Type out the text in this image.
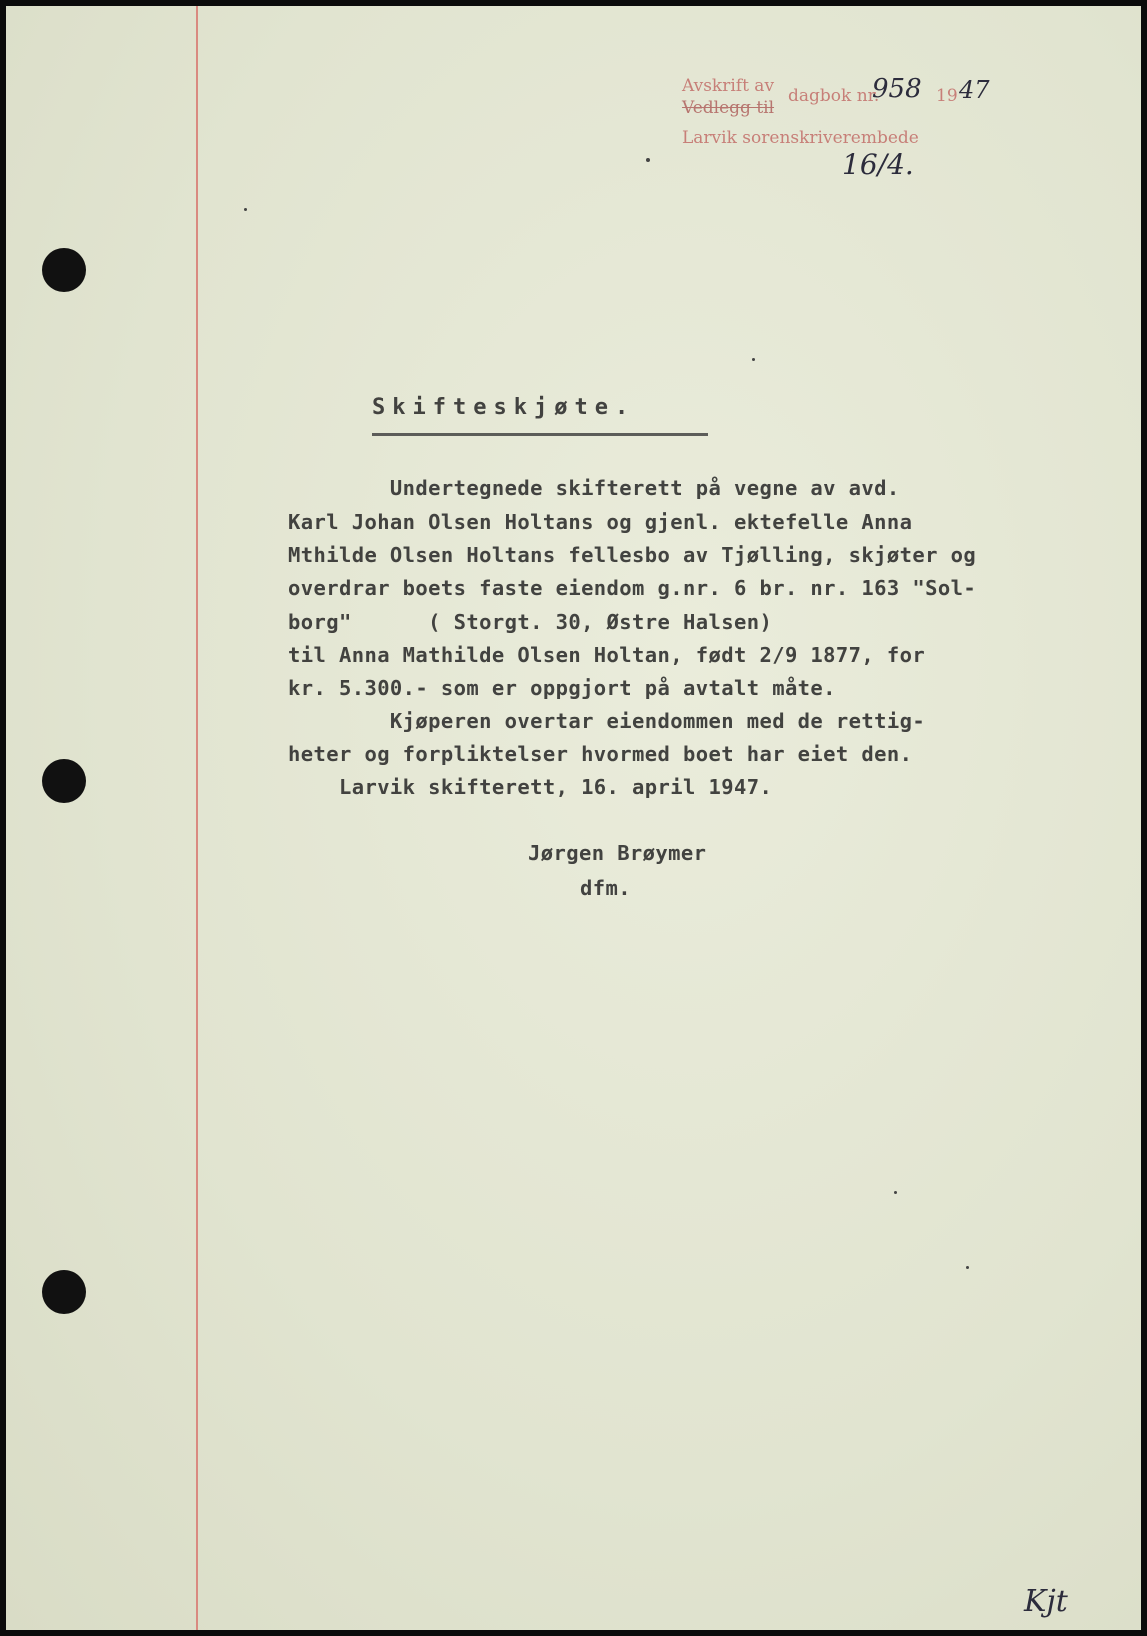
Avskrift av
Vedlegg til
dagbok nr.
958 19 47
Larvik sorenskriverembede
16/4.
Skifteskjøte.
Undertegnede skifterett på vegne av avd.
Karl Johan Olsen Holtans og gjenl. ektefelle Anna
Mthilde Olsen Holtans fellesbo av Tjølling, skjøter og
overdrar boets faste eiendom g.nr. 6 br. nr. 163 "Sol-
borg"      ( Storgt. 30, Østre Halsen)
til Anna Mathilde Olsen Holtan, født 2/9 1877, for
kr. 5.300.- som er oppgjort på avtalt måte.
Kjøperen overtar eiendommen med de rettig-
heter og forpliktelser hvormed boet har eiet den.
Larvik skifterett, 16. april 1947.
Jørgen Brøymer
dfm.
Kjt
